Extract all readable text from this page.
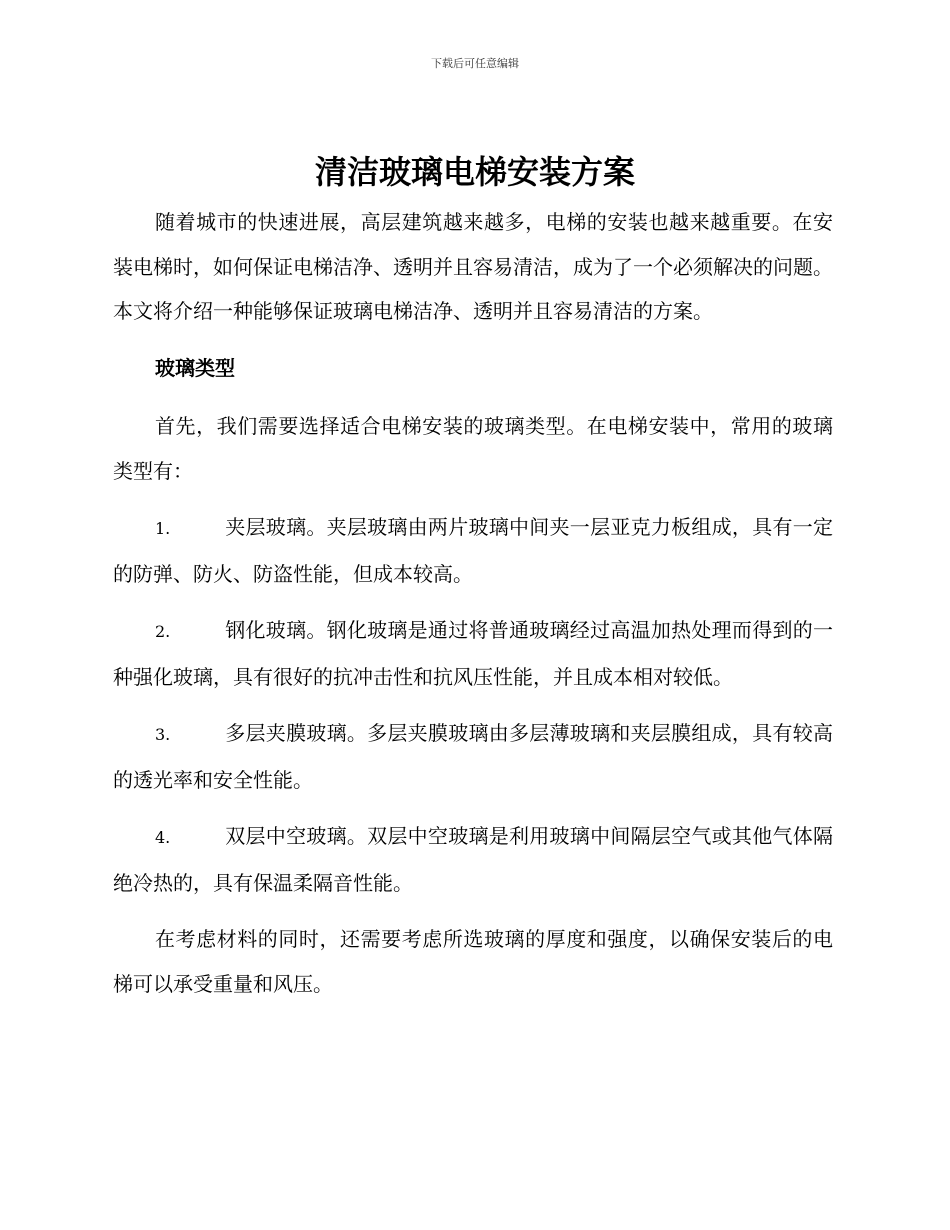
下载后可任意编辑
清洁玻璃电梯安装方案

随着城市的快速进展，高层建筑越来越多，电梯的安装也越来越重要。在安装电梯时，如何保证电梯洁净、透明并且容易清洁，成为了一个必须解决的问题。本文将介绍一种能够保证玻璃电梯洁净、透明并且容易清洁的方案。

玻璃类型

首先，我们需要选择适合电梯安装的玻璃类型。在电梯安装中，常用的玻璃类型有：

1.	夹层玻璃。夹层玻璃由两片玻璃中间夹一层亚克力板组成，具有一定的防弹、防火、防盗性能，但成本较高。

2.	钢化玻璃。钢化玻璃是通过将普通玻璃经过高温加热处理而得到的一种强化玻璃，具有很好的抗冲击性和抗风压性能，并且成本相对较低。

3.	多层夹膜玻璃。多层夹膜玻璃由多层薄玻璃和夹层膜组成，具有较高的透光率和安全性能。

4.	双层中空玻璃。双层中空玻璃是利用玻璃中间隔层空气或其他气体隔绝冷热的，具有保温柔隔音性能。

在考虑材料的同时，还需要考虑所选玻璃的厚度和强度，以确保安装后的电梯可以承受重量和风压。
